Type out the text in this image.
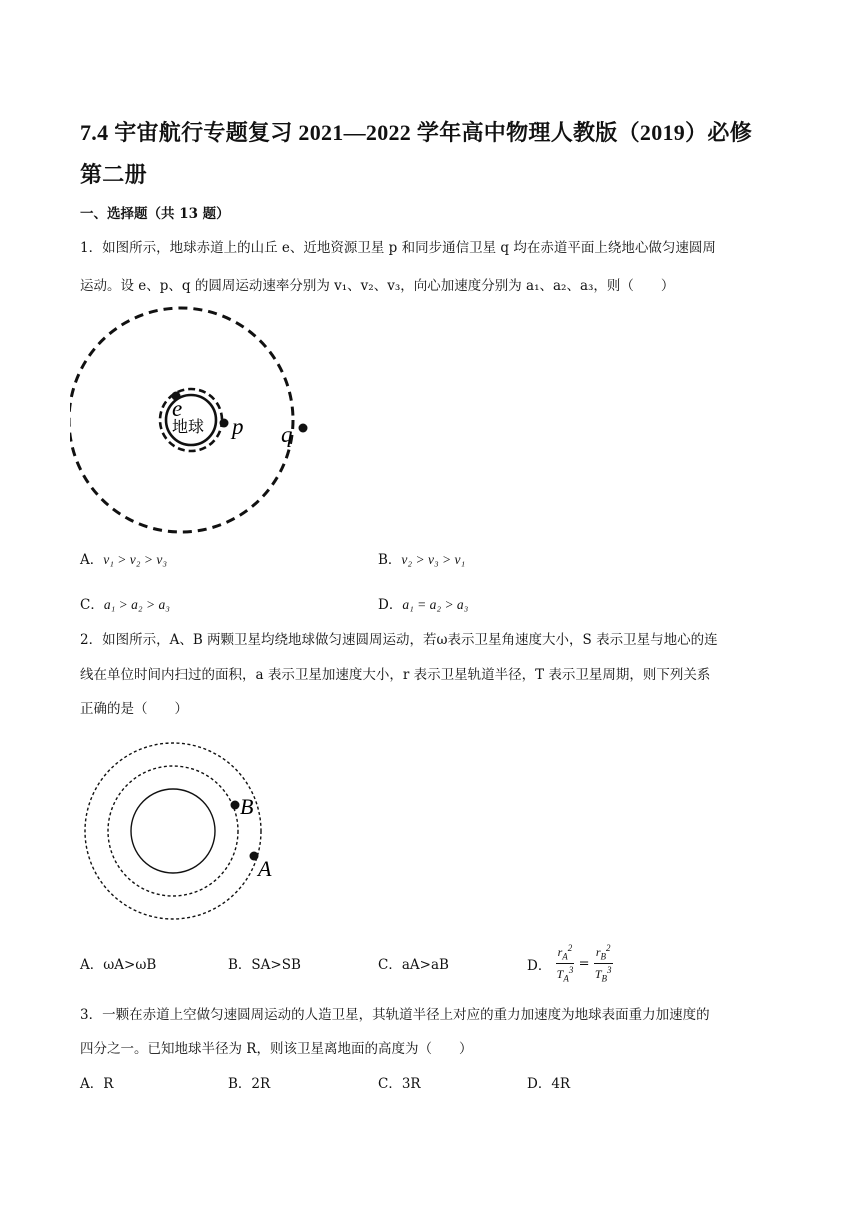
7.4 宇宙航行专题复习 2021—2022 学年高中物理人教版（2019）必修
第二册
一、选择题（共 13 题）
1．如图所示，地球赤道上的山丘 e、近地资源卫星 p 和同步通信卫星 q 均在赤道平面上绕地心做匀速圆周
运动。设 e、p、q 的圆周运动速率分别为 v₁、v₂、v₃，向心加速度分别为 a₁、a₂、a₃，则（　　）
e
地球 p q
A．v₁ > v₂ > v₃	B．v₂ > v₃ > v₁
C．a₁ > a₂ > a₃	D．a₁ = a₂ > a₃
2．如图所示，A、B 两颗卫星均绕地球做匀速圆周运动，若ω表示卫星角速度大小，S 表示卫星与地心的连
线在单位时间内扫过的面积，a 表示卫星加速度大小，r 表示卫星轨道半径，T 表示卫星周期，则下列关系
正确的是（　　）
B
A
A．ωA>ωB	B．SA>SB	C．aA>aB	D． $\frac{r_A^2}{T_A^3} = \frac{r_B^2}{T_B^3}$
3．一颗在赤道上空做匀速圆周运动的人造卫星，其轨道半径上对应的重力加速度为地球表面重力加速度的
四分之一。已知地球半径为 R，则该卫星离地面的高度为（　　）
A．R	B．2R	C．3R	D．4R
